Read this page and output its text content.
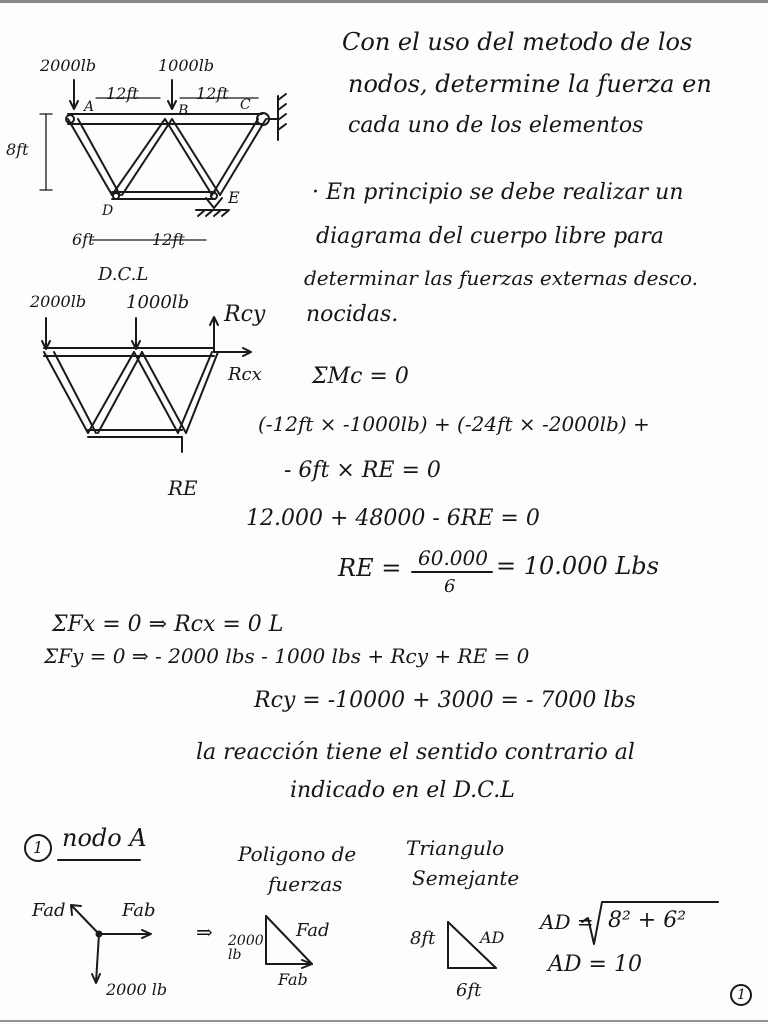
Con el uso del metodo de los
nodos, determine la fuerza en
cada uno de los elementos
2000lb	1000lb
12ft	12ft
8ft
A	B	C
D
E
6ft	12ft
D.C.L
2000lb 1000lb Rcy
Rcx
RE
· En principio se debe realizar un
diagrama del cuerpo libre para
determinar las fuerzas externas desco.
nocidas.
ΣMc = 0
(-12ft × -1000lb) + (-24ft × -2000lb) +
- 6ft × RE = 0
12.000 + 48000 - 6RE = 0
RE = 60.000
6
= 10.000 Lbs
ΣFx = 0 ⇒ Rcx = 0 L
ΣFy = 0 ⇒ - 2000 lbs - 1000 lbs + Rcy + RE = 0
Rcy = -10000 + 3000 = - 7000 lbs
la reacción tiene el sentido contrario al
indicado en el D.C.L
1 nodo A
Fad	Fab
2000 lb
⇒
Poligono de
fuerzas
2000 lb
Fad
Fab
Triangulo
Semejante
8ft	AD
6ft
AD = 8² + 6²
AD = 10
1
